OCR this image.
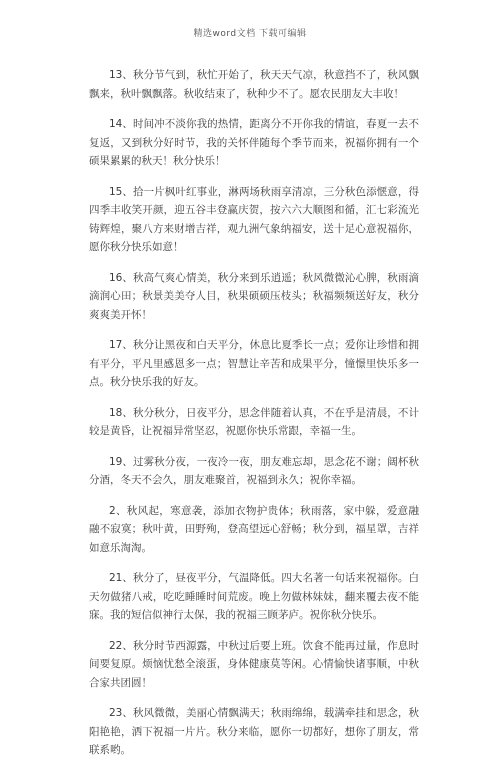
精选word文档 下载可编辑

13、秋分节气到，秋忙开始了，秋天天气凉，秋意挡不了，秋风飘飘来，秋叶飘飘落。秋收结束了，秋种少不了。愿农民朋友大丰收！

14、时间冲不淡你我的热情，距离分不开你我的情谊，春夏一去不复返，又到秋分好时节，我的关怀伴随每个季节而来，祝福你拥有一个硕果累累的秋天！秋分快乐！

15、拾一片枫叶红事业，淋两场秋雨享清凉，三分秋色添惬意，得四季丰收笑开颜，迎五谷丰登赢庆贺，按六六大顺图和循，汇七彩流光铸辉煌，聚八方来财增吉祥，观九洲气象纳福安，送十足心意祝福你，愿你秋分快乐如意！

16、秋高气爽心情美，秋分来到乐逍遥；秋风微微沁心脾，秋雨滴滴润心田；秋景美美夺人目，秋果硕硕压枝头；秋福频频送好友，秋分爽爽美开怀！

17、秋分让黑夜和白天平分，休息比夏季长一点；爱你让珍惜和拥有平分，平凡里感恩多一点；智慧让辛苦和成果平分，憧憬里快乐多一点。秋分快乐我的好友。

18、秋分秋分，日夜平分，思念伴随着认真，不在乎是清晨，不计较是黄昏，让祝福异常坚忍，祝愿你快乐常跟，幸福一生。

19、过雾秋分夜，一夜冷一夜，朋友难忘却，思念花不谢；阔杯秋分酒，冬天不会久，朋友难聚首，祝福到永久；祝你幸福。

2、秋风起，寒意袭，添加衣物护贵体；秋雨落，家中躲，爱意融融不寂寞；秋叶黄，田野殉，登高望远心舒畅；秋分到，福星罩，吉祥如意乐淘淘。

21、秋分了，昼夜平分，气温降低。四大名著一句话来祝福你。白天勿做猪八戒，吃吃睡睡时间荒废。晚上勿做林妹妹，翻来覆去夜不能寐。我的短信似神行太保，我的祝福三顾茅庐。祝你秋分快乐。

22、秋分时节西源露，中秋过后要上班。饮食不能再过量，作息时间要复原。烦恼忧愁全滚蛋，身体健康莫等闲。心情愉快诸事顺，中秋合家共团圆！

23、秋风微微，美丽心情飘满天；秋雨绵绵，载满牵挂和思念，秋阳艳艳，洒下祝福一片片。秋分来临，愿你一切都好，想你了朋友，常联系哟。
